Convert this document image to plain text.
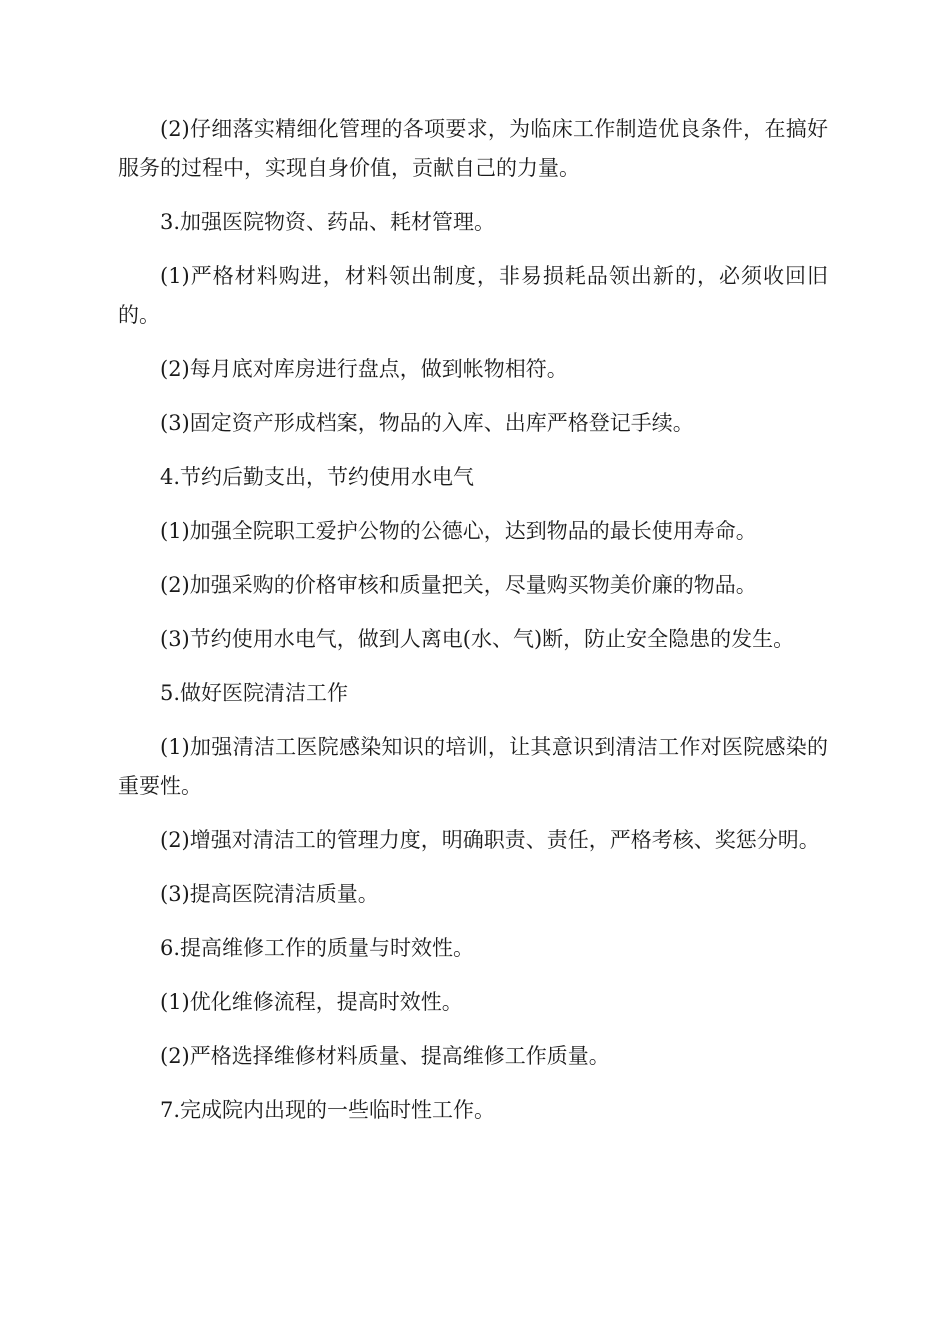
(2)仔细落实精细化管理的各项要求，为临床工作制造优良条件，在搞好服务的过程中，实现自身价值，贡献自己的力量。

3.加强医院物资、药品、耗材管理。

(1)严格材料购进，材料领出制度，非易损耗品领出新的，必须收回旧的。

(2)每月底对库房进行盘点，做到帐物相符。

(3)固定资产形成档案，物品的入库、出库严格登记手续。

4.节约后勤支出，节约使用水电气

(1)加强全院职工爱护公物的公德心，达到物品的最长使用寿命。

(2)加强采购的价格审核和质量把关，尽量购买物美价廉的物品。

(3)节约使用水电气，做到人离电(水、气)断，防止安全隐患的发生。

5.做好医院清洁工作

(1)加强清洁工医院感染知识的培训，让其意识到清洁工作对医院感染的重要性。

(2)增强对清洁工的管理力度，明确职责、责任，严格考核、奖惩分明。

(3)提高医院清洁质量。

6.提高维修工作的质量与时效性。

(1)优化维修流程，提高时效性。

(2)严格选择维修材料质量、提高维修工作质量。

7.完成院内出现的一些临时性工作。
